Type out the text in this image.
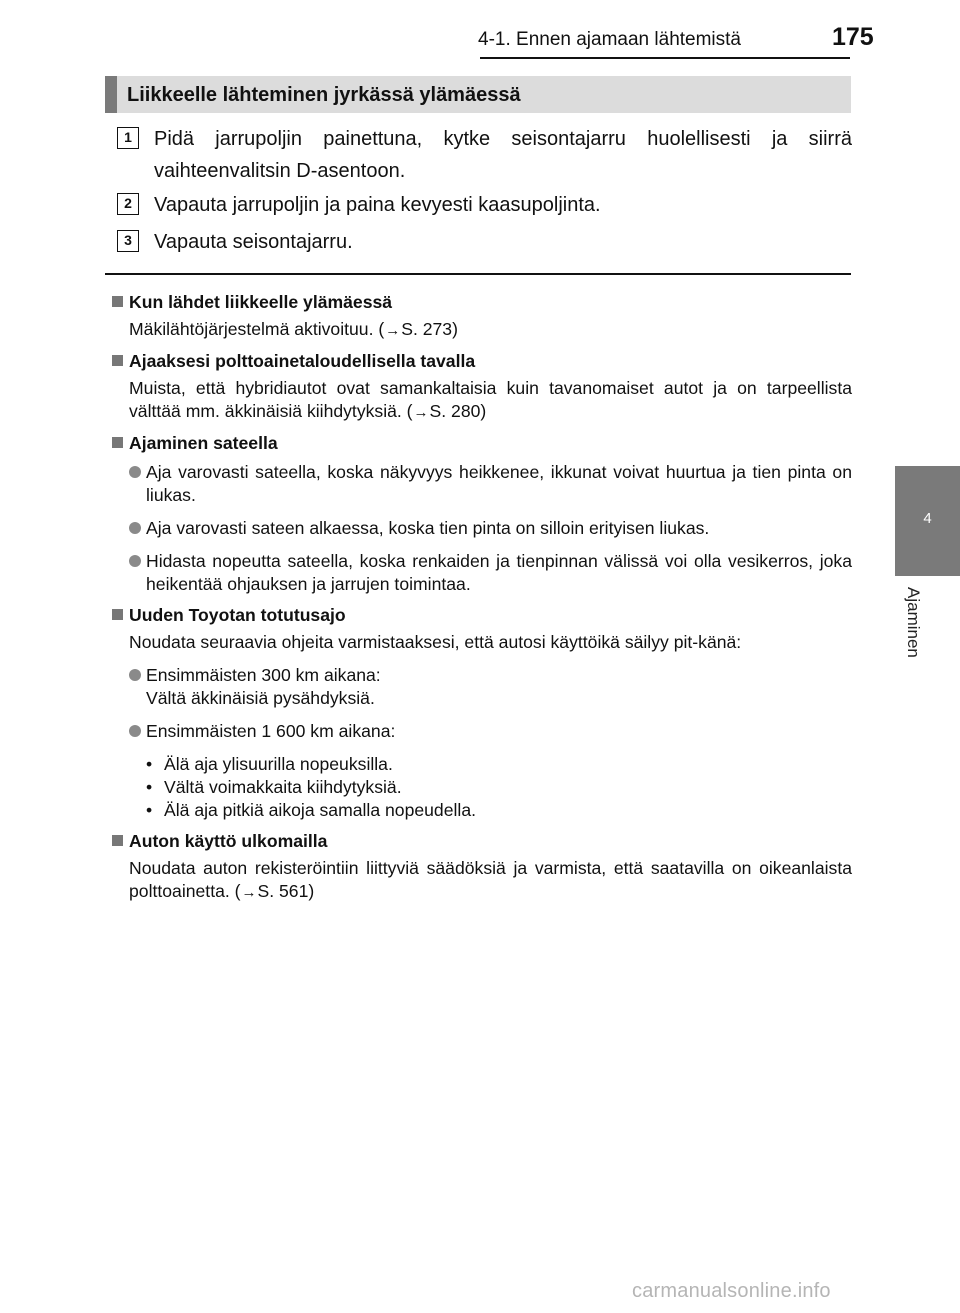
4-1. Ennen ajamaan lähtemistä	175
4
Ajaminen
Liikkeelle lähteminen jyrkässä ylämäessä
1	Pidä jarrupoljin painettuna, kytke seisontajarru huolellisesti ja siirrä vaihteenvalitsin D-asentoon.
2	Vapauta jarrupoljin ja paina kevyesti kaasupoljinta.
3	Vapauta seisontajarru.
Kun lähdet liikkeelle ylämäessä
Mäkilähtöjärjestelmä aktivoituu. (→S. 273)
Ajaaksesi polttoainetaloudellisella tavalla
Muista, että hybridiautot ovat samankaltaisia kuin tavanomaiset autot ja on tarpeellista välttää mm. äkkinäisiä kiihdytyksiä. (→S. 280)
Ajaminen sateella
Aja varovasti sateella, koska näkyvyys heikkenee, ikkunat voivat huurtua ja tien pinta on liukas.
Aja varovasti sateen alkaessa, koska tien pinta on silloin erityisen liukas.
Hidasta nopeutta sateella, koska renkaiden ja tienpinnan välissä voi olla vesikerros, joka heikentää ohjauksen ja jarrujen toimintaa.
Uuden Toyotan totutusajo
Noudata seuraavia ohjeita varmistaaksesi, että autosi käyttöikä säilyy pit-känä:
Ensimmäisten 300 km aikana:
Vältä äkkinäisiä pysähdyksiä.
Ensimmäisten 1 600 km aikana:
• Älä aja ylisuurilla nopeuksilla.
• Vältä voimakkaita kiihdytyksiä.
• Älä aja pitkiä aikoja samalla nopeudella.
Auton käyttö ulkomailla
Noudata auton rekisteröintiin liittyviä säädöksiä ja varmista, että saatavilla on oikeanlaista polttoainetta. (→S. 561)
carmanualsonline.info
